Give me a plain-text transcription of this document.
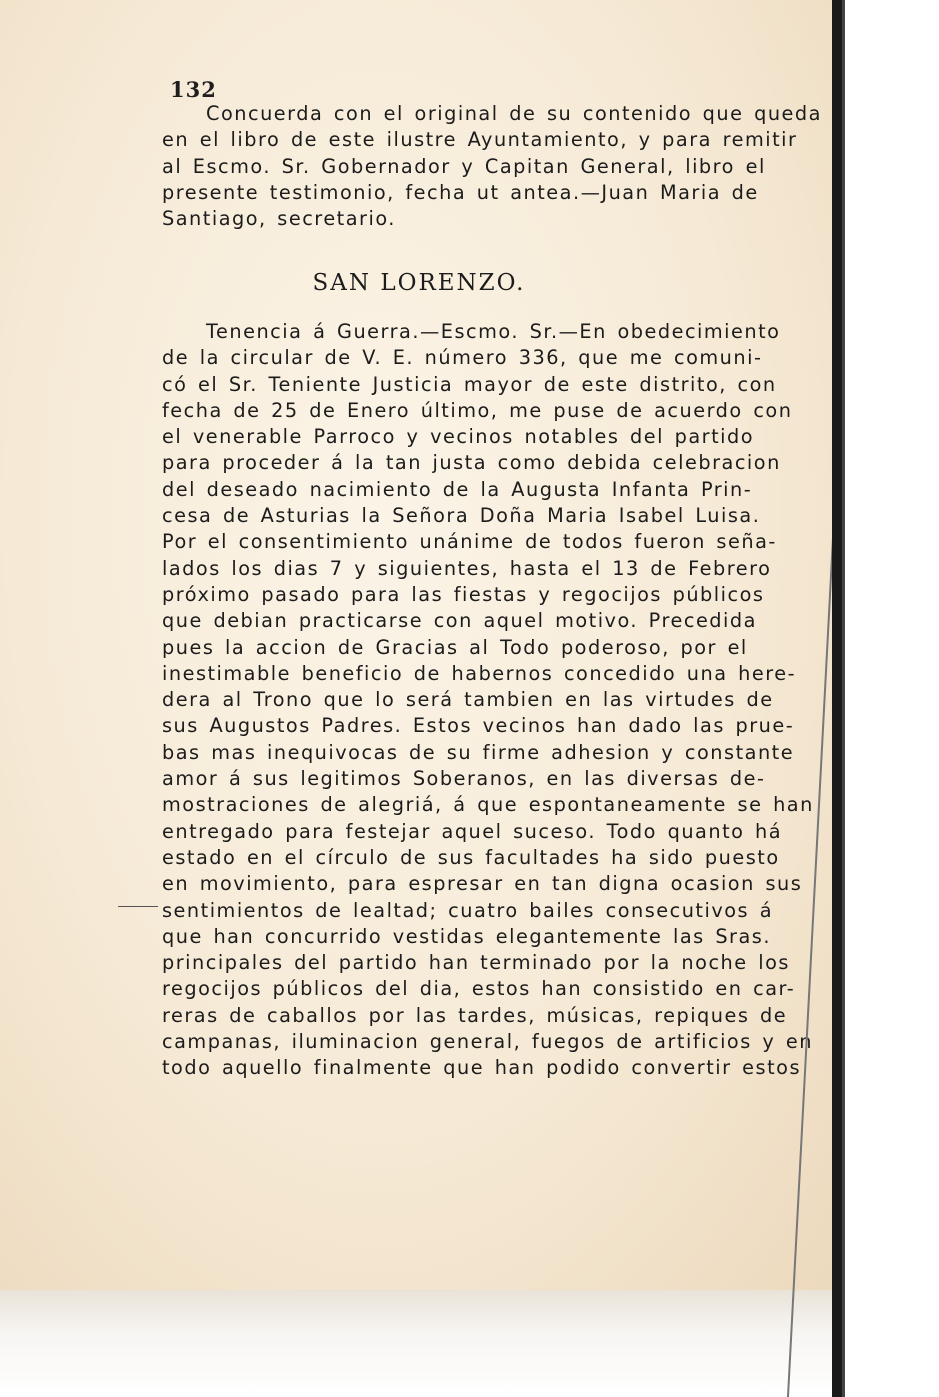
132
Concuerda con el original de su contenido que queda
en el libro de este ilustre Ayuntamiento, y para remitir
al Escmo. Sr. Gobernador y Capitan General, libro el
presente testimonio, fecha ut antea.—Juan Maria de
Santiago, secretario.
SAN LORENZO.
Tenencia á Guerra.—Escmo. Sr.—En obedecimiento
de la circular de V. E. número 336, que me comuni-
có el Sr. Teniente Justicia mayor de este distrito, con
fecha de 25 de Enero último, me puse de acuerdo con
el venerable Parroco y vecinos notables del partido
para proceder á la tan justa como debida celebracion
del deseado nacimiento de la Augusta Infanta Prin-
cesa de Asturias la Señora Doña Maria Isabel Luisa.
Por el consentimiento unánime de todos fueron seña-
lados los dias 7 y siguientes, hasta el 13 de Febrero
próximo pasado para las fiestas y regocijos públicos
que debian practicarse con aquel motivo. Precedida
pues la accion de Gracias al Todo poderoso, por el
inestimable beneficio de habernos concedido una here-
dera al Trono que lo será tambien en las virtudes de
sus Augustos Padres. Estos vecinos han dado las prue-
bas mas inequivocas de su firme adhesion y constante
amor á sus legitimos Soberanos, en las diversas de-
mostraciones de alegriá, á que espontaneamente se han
entregado para festejar aquel suceso. Todo quanto há
estado en el círculo de sus facultades ha sido puesto
en movimiento, para espresar en tan digna ocasion sus
sentimientos de lealtad; cuatro bailes consecutivos á
que han concurrido vestidas elegantemente las Sras.
principales del partido han terminado por la noche los
regocijos públicos del dia, estos han consistido en car-
reras de caballos por las tardes, músicas, repiques de
campanas, iluminacion general, fuegos de artificios y en
todo aquello finalmente que han podido convertir estos
